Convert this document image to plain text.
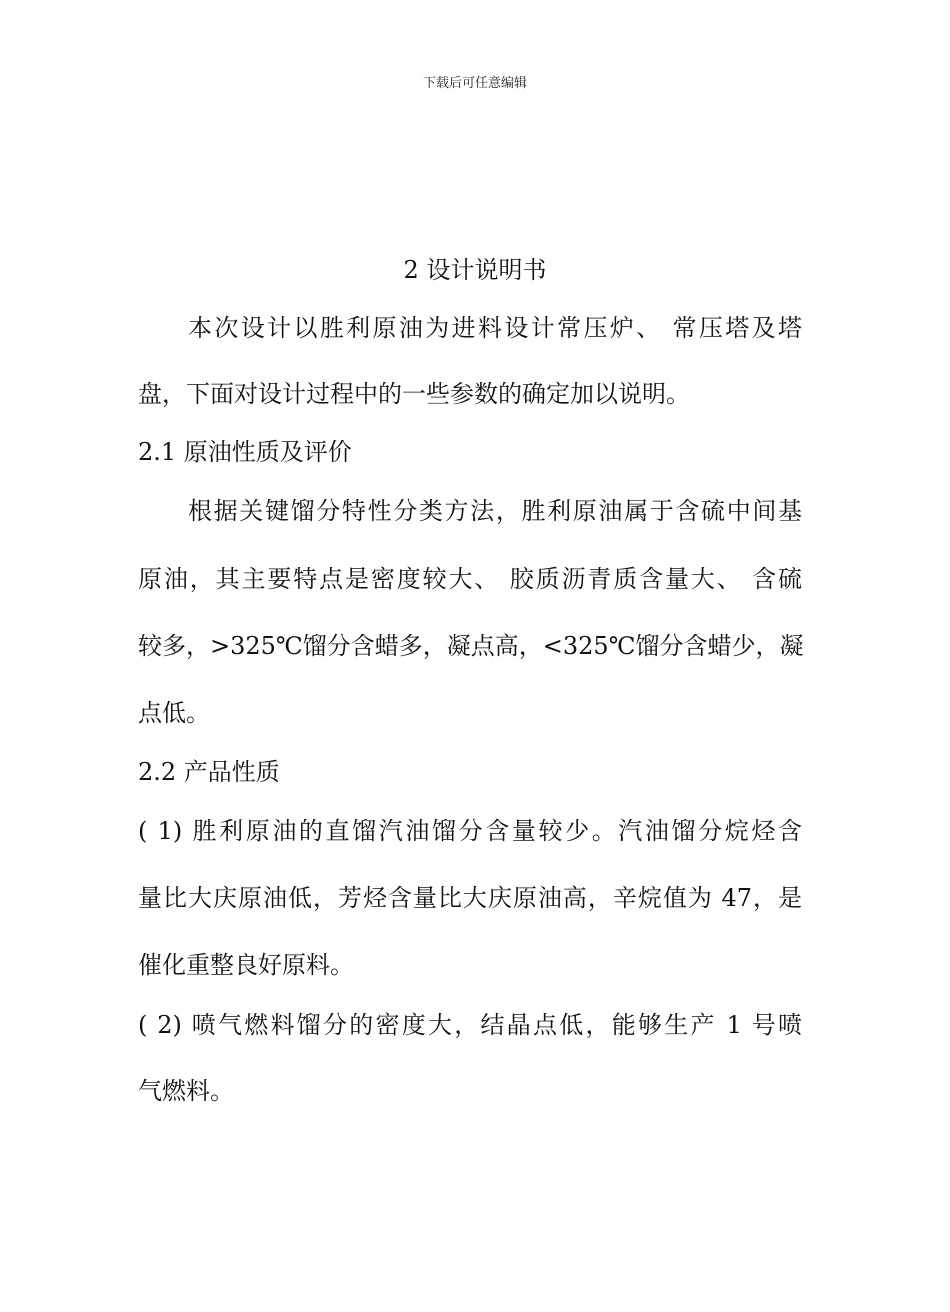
下载后可任意编辑
2 设计说明书
本次设计以胜利原油为进料设计常压炉、 常压塔及塔
盘，下面对设计过程中的一些参数的确定加以说明。
2.1 原油性质及评价
根据关键馏分特性分类方法，胜利原油属于含硫中间基
原油，其主要特点是密度较大、 胶质沥青质含量大、 含硫
较多，>325℃馏分含蜡多，凝点高，<325℃馏分含蜡少，凝
点低。
2.2 产品性质
( 1) 胜利原油的直馏汽油馏分含量较少。汽油馏分烷烃含
量比大庆原油低，芳烃含量比大庆原油高，辛烷值为 47，是
催化重整良好原料。
( 2) 喷气燃料馏分的密度大，结晶点低，能够生产 1 号喷
气燃料。
